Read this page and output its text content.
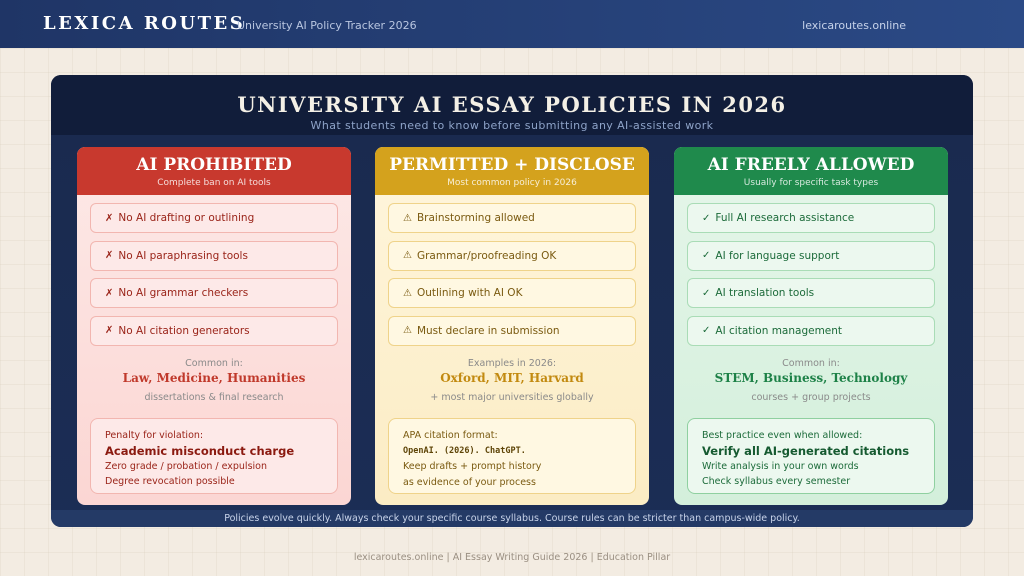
LEXICA ROUTES
University AI Policy Tracker 2026	lexicaroutes.online
UNIVERSITY AI ESSAY POLICIES IN 2026
What students need to know before submitting any AI-assisted work
AI PROHIBITED
Complete ban on AI tools
✗ No AI drafting or outlining
✗ No AI paraphrasing tools
✗ No AI grammar checkers
✗ No AI citation generators
Common in:
Law, Medicine, Humanities
dissertations & final research
Penalty for violation:
Academic misconduct charge
Zero grade / probation / expulsion
Degree revocation possible
PERMITTED + DISCLOSE
Most common policy in 2026
⚠ Brainstorming allowed
⚠ Grammar/proofreading OK
⚠ Outlining with AI OK
⚠ Must declare in submission
Examples in 2026:
Oxford, MIT, Harvard
+ most major universities globally
APA citation format:
OpenAI. (2026). ChatGPT.
Keep drafts + prompt history
as evidence of your process
AI FREELY ALLOWED
Usually for specific task types
✓ Full AI research assistance
✓ AI for language support
✓ AI translation tools
✓ AI citation management
Common in:
STEM, Business, Technology
courses + group projects
Best practice even when allowed:
Verify all AI-generated citations
Write analysis in your own words
Check syllabus every semester
Policies evolve quickly. Always check your specific course syllabus. Course rules can be stricter than campus-wide policy.
lexicaroutes.online | AI Essay Writing Guide 2026 | Education Pillar
